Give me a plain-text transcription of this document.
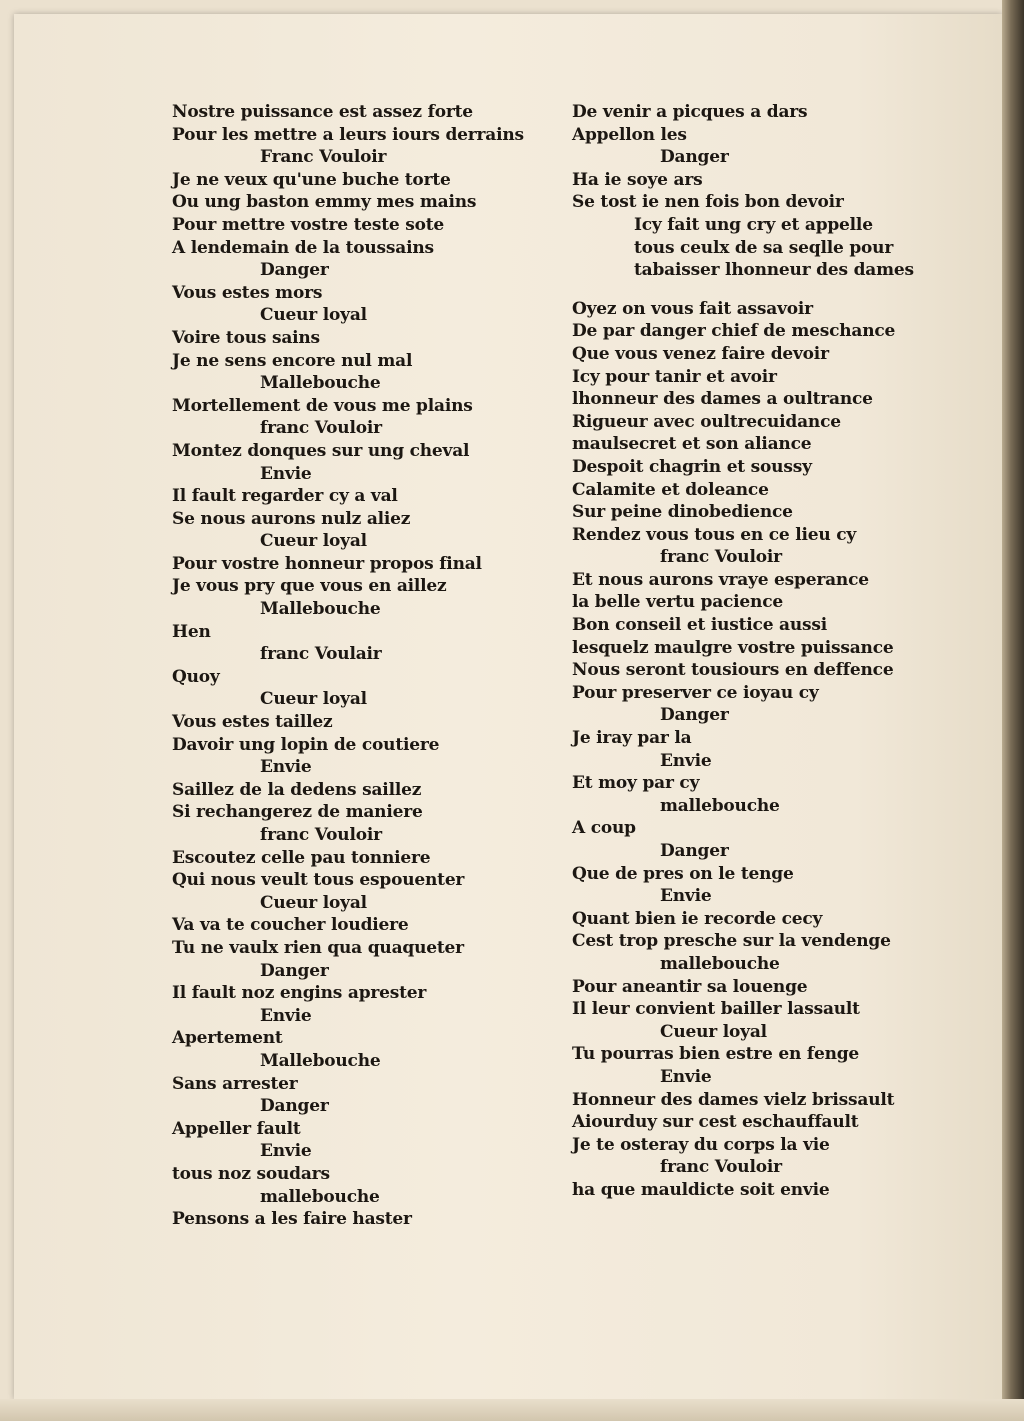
Nostre puissance est assez forte
Pour les mettre a leurs iours derrains
Franc Vouloir
Je ne veux qu'une buche torte
Ou ung baston emmy mes mains
Pour mettre vostre teste sote
A lendemain de la toussains
Danger
Vous estes mors
Cueur loyal
Voire tous sains
Je ne sens encore nul mal
Mallebouche
Mortellement de vous me plains
franc Vouloir
Montez donques sur ung cheval
Envie
Il fault regarder cy a val
Se nous aurons nulz aliez
Cueur loyal
Pour vostre honneur propos final
Je vous pry que vous en aillez
Mallebouche
Hen
franc Voulair
Quoy
Cueur loyal
Vous estes taillez
Davoir ung lopin de coutiere
Envie
Saillez de la dedens saillez
Si rechangerez de maniere
franc Vouloir
Escoutez celle pau tonniere
Qui nous veult tous espouenter
Cueur loyal
Va va te coucher loudiere
Tu ne vaulx rien qua quaqueter
Danger
Il fault noz engins aprester
Envie
Apertement
Mallebouche
Sans arrester
Danger
Appeller fault
Envie
tous noz soudars
mallebouche
Pensons a les faire haster
De venir a picques a dars
Appellon les
Danger
Ha ie soye ars
Se tost ie nen fois bon devoir
Icy fait ung cry et appelle
tous ceulx de sa seqlle pour
tabaisser lhonneur des dames
Oyez on vous fait assavoir
De par danger chief de meschance
Que vous venez faire devoir
Icy pour tanir et avoir
lhonneur des dames a oultrance
Rigueur avec oultrecuidance
maulsecret et son aliance
Despoit chagrin et soussy
Calamite et doleance
Sur peine dinobedience
Rendez vous tous en ce lieu cy
franc Vouloir
Et nous aurons vraye esperance
la belle vertu pacience
Bon conseil et iustice aussi
lesquelz maulgre vostre puissance
Nous seront tousiours en deffence
Pour preserver ce ioyau cy
Danger
Je iray par la
Envie
Et moy par cy
mallebouche
A coup
Danger
Que de pres on le tenge
Envie
Quant bien ie recorde cecy
Cest trop presche sur la vendenge
mallebouche
Pour aneantir sa louenge
Il leur convient bailler lassault
Cueur loyal
Tu pourras bien estre en fenge
Envie
Honneur des dames vielz brissault
Aiourduy sur cest eschauffault
Je te osteray du corps la vie
franc Vouloir
ha que mauldicte soit envie
